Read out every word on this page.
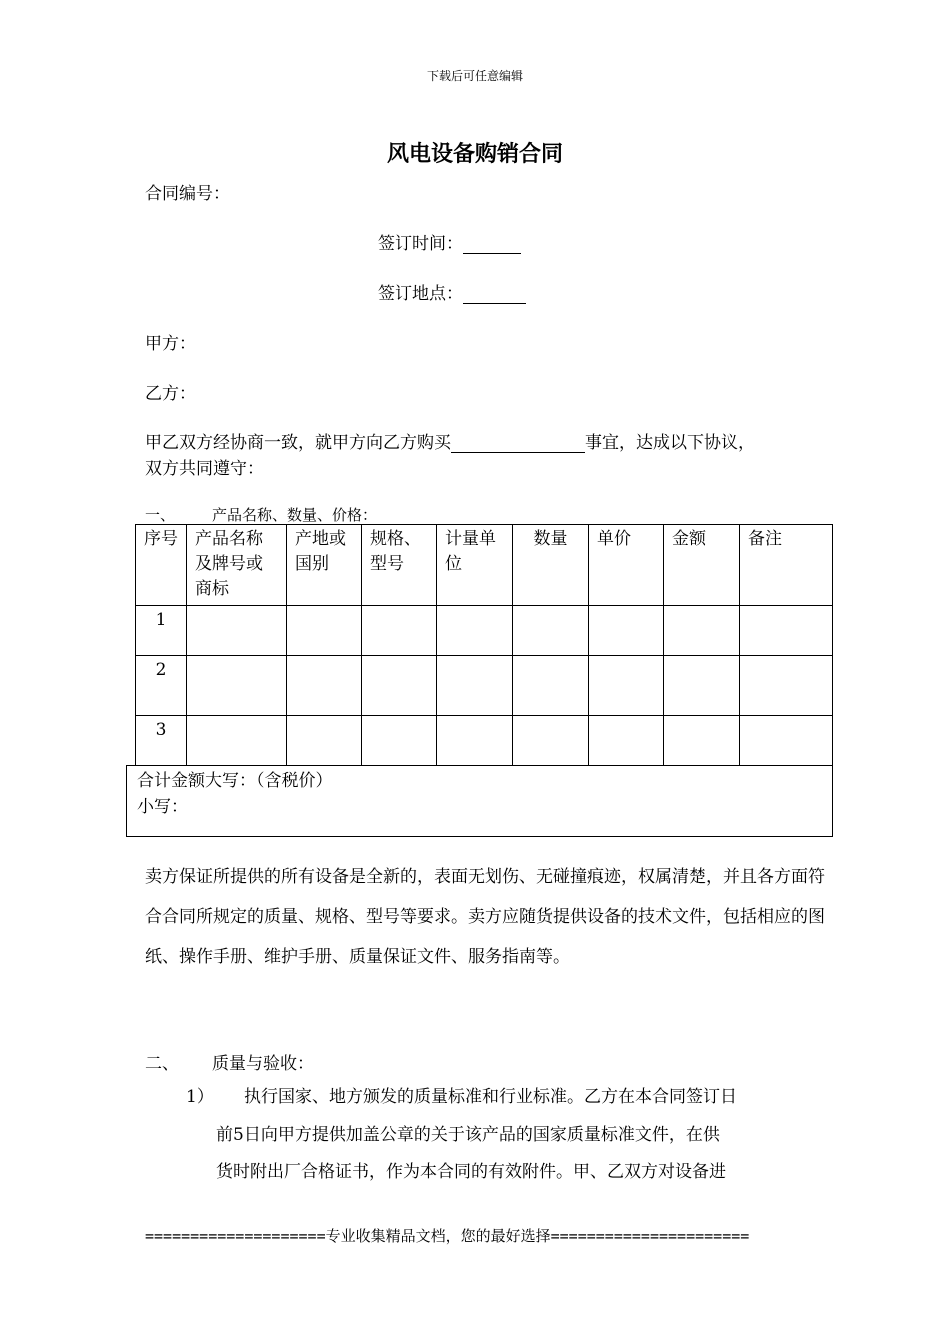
下载后可任意编辑
风电设备购销合同
合同编号：
签订时间：
签订地点：
甲方：
乙方：
甲乙双方经协商一致，就甲方向乙方购买	事宜，达成以下协议，
双方共同遵守：
一、 产品名称、数量、价格：
序号	产品名称及牌号或商标	产地或国别	规格、型号	计量单位	数量	单价	金额	备注
1								
2								
3								
合计金额大写：（含税价）
小写：
卖方保证所提供的所有设备是全新的，表面无划伤、无碰撞痕迹，权属清楚，并且各方面符合合同所规定的质量、规格、型号等要求。卖方应随货提供设备的技术文件，包括相应的图纸、操作手册、维护手册、质量保证文件、服务指南等。
二、 质量与验收：
1） 执行国家、地方颁发的质量标准和行业标准。乙方在本合同签订日
前5日向甲方提供加盖公章的关于该产品的国家质量标准文件，在供
货时附出厂合格证书，作为本合同的有效附件。甲、乙双方对设备进
====================专业收集精品文档，您的最好选择======================
